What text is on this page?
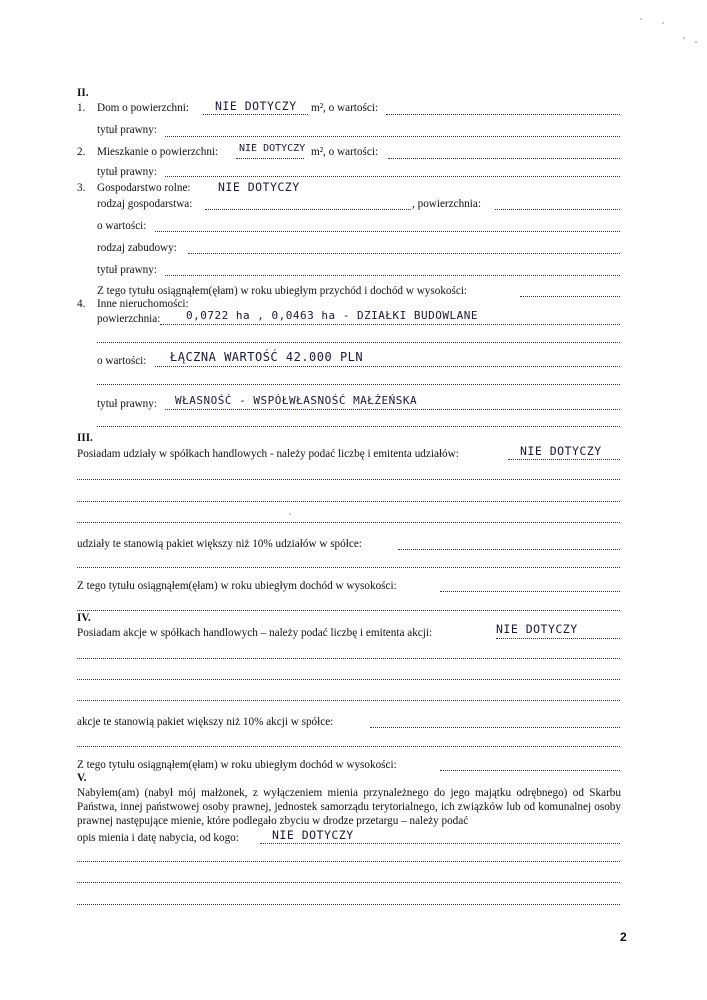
II.
1. Dom o powierzchni: NIE DOTYCZY m², o wartości:
tytuł prawny:
2. Mieszkanie o powierzchni: NIE DOTYCZY m², o wartości:
tytuł prawny:
3. Gospodarstwo rolne: NIE DOTYCZY
rodzaj gospodarstwa:	, powierzchnia:
o wartości:
rodzaj zabudowy:
tytuł prawny:
Z tego tytułu osiągnąłem(ęłam) w roku ubiegłym przychód i dochód w wysokości:
4. Inne nieruchomości:
powierzchnia: 0,0722 ha , 0,0463 ha - DZIAŁKI BUDOWLANE
o wartości: ŁĄCZNA WARTOŚĆ 42.000 PLN
tytuł prawny: WŁASNOŚĆ - WSPÓŁWŁASNOŚĆ MAŁŻEŃSKA
III.
Posiadam udziały w spółkach handlowych - należy podać liczbę i emitenta udziałów:	NIE DOTYCZY
udziały te stanowią pakiet większy niż 10% udziałów w spółce:
Z tego tytułu osiągnąłem(ęłam) w roku ubiegłym dochód w wysokości:
IV.
Posiadam akcje w spółkach handlowych – należy podać liczbę i emitenta akcji:	NIE DOTYCZY
akcje te stanowią pakiet większy niż 10% akcji w spółce:
Z tego tytułu osiągnąłem(ęłam) w roku ubiegłym dochód w wysokości:
V.
Nabyłem(am) (nabył mój małżonek, z wyłączeniem mienia przynależnego do jego majątku odrębnego) od Skarbu Państwa, innej państwowej osoby prawnej, jednostek samorządu terytorialnego, ich związków lub od komunalnej osoby prawnej następujące mienie, które podlegało zbyciu w drodze przetargu – należy podać
opis mienia i datę nabycia, od kogo:	NIE DOTYCZY
2
